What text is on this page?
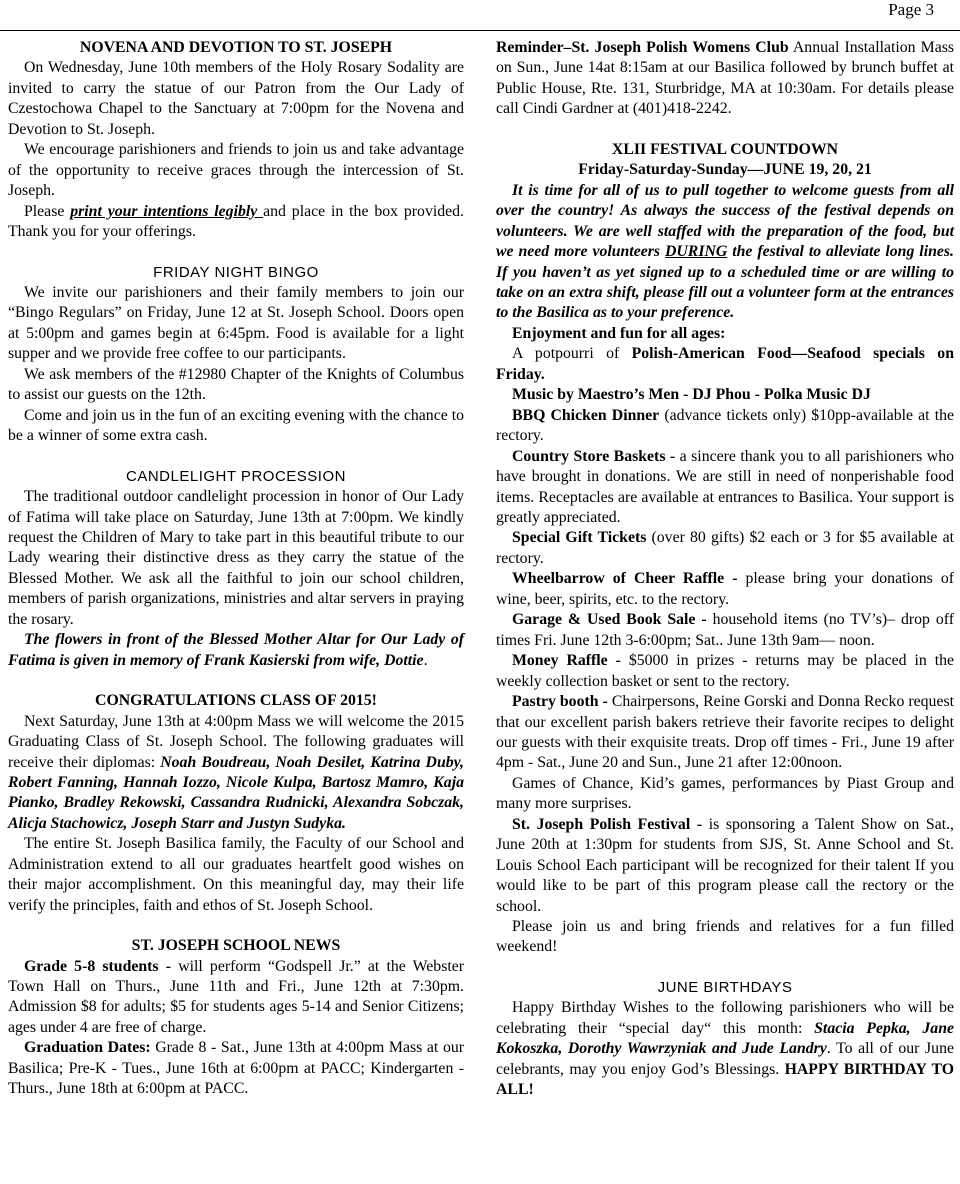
Page 3

NOVENA AND DEVOTION TO ST. JOSEPH

On Wednesday, June 10th members of the Holy Rosary Sodality are invited to carry the statue of our Patron from the Our Lady of Czestochowa Chapel to the Sanctuary at 7:00pm for the Novena and Devotion to St. Joseph.

We encourage parishioners and friends to join us and take advantage of the opportunity to receive graces through the intercession of St. Joseph.

Please print your intentions legibly and place in the box provided. Thank you for your offerings.

FRIDAY NIGHT BINGO

We invite our parishioners and their family members to join our “Bingo Regulars” on Friday, June 12 at St. Joseph School. Doors open at 5:00pm and games begin at 6:45pm. Food is available for a light supper and we provide free coffee to our participants.

We ask members of the #12980 Chapter of the Knights of Columbus to assist our guests on the 12th.

Come and join us in the fun of an exciting evening with the chance to be a winner of some extra cash.

CANDLELIGHT PROCESSION

The traditional outdoor candlelight procession in honor of Our Lady of Fatima will take place on Saturday, June 13th at 7:00pm. We kindly request the Children of Mary to take part in this beautiful tribute to our Lady wearing their distinctive dress as they carry the statue of the Blessed Mother. We ask all the faithful to join our school children, members of parish organizations, ministries and altar servers in praying the rosary.

The flowers in front of the Blessed Mother Altar for Our Lady of Fatima is given in memory of Frank Kasierski from wife, Dottie.

CONGRATULATIONS CLASS OF 2015!

Next Saturday, June 13th at 4:00pm Mass we will welcome the 2015 Graduating Class of St. Joseph School. The following graduates will receive their diplomas: Noah Boudreau, Noah Desilet, Katrina Duby, Robert Fanning, Hannah Iozzo, Nicole Kulpa, Bartosz Mamro, Kaja Pianko, Bradley Rekowski, Cassandra Rudnicki, Alexandra Sobczak, Alicja Stachowicz, Joseph Starr and Justyn Sudyka.

The entire St. Joseph Basilica family, the Faculty of our School and Administration extend to all our graduates heartfelt good wishes on their major accomplishment. On this meaningful day, may their life verify the principles, faith and ethos of St. Joseph School.

ST. JOSEPH SCHOOL NEWS

Grade 5-8 students - will perform “Godspell Jr.” at the Webster Town Hall on Thurs., June 11th and Fri., June 12th at 7:30pm. Admission $8 for adults; $5 for students ages 5-14 and Senior Citizens; ages under 4 are free of charge.

Graduation Dates: Grade 8 - Sat., June 13th at 4:00pm Mass at our Basilica; Pre-K - Tues., June 16th at 6:00pm at PACC; Kindergarten - Thurs., June 18th at 6:00pm at PACC.

Reminder–St. Joseph Polish Womens Club Annual Installation Mass on Sun., June 14at 8:15am at our Basilica followed by brunch buffet at Public House, Rte. 131, Sturbridge, MA at 10:30am. For details please call Cindi Gardner at (401)418-2242.

XLII FESTIVAL COUNTDOWN

Friday-Saturday-Sunday—JUNE 19, 20, 21

It is time for all of us to pull together to welcome guests from all over the country! As always the success of the festival depends on volunteers. We are well staffed with the preparation of the food, but we need more volunteers DURING the festival to alleviate long lines. If you haven’t as yet signed up to a scheduled time or are willing to take on an extra shift, please fill out a volunteer form at the entrances to the Basilica as to your preference.

Enjoyment and fun for all ages:

A potpourri of Polish-American Food—Seafood specials on Friday.

Music by Maestro’s Men - DJ Phou - Polka Music DJ

BBQ Chicken Dinner (advance tickets only) $10pp-available at the rectory.

Country Store Baskets - a sincere thank you to all parishioners who have brought in donations. We are still in need of nonperishable food items. Receptacles are available at entrances to Basilica. Your support is greatly appreciated.

Special Gift Tickets (over 80 gifts) $2 each or 3 for $5 available at rectory.

Wheelbarrow of Cheer Raffle - please bring your donations of wine, beer, spirits, etc. to the rectory.

Garage & Used Book Sale - household items (no TV’s)– drop off times Fri. June 12th 3-6:00pm; Sat.. June 13th 9am— noon.

Money Raffle - $5000 in prizes - returns may be placed in the weekly collection basket or sent to the rectory.

Pastry booth - Chairpersons, Reine Gorski and Donna Recko request that our excellent parish bakers retrieve their favorite recipes to delight our guests with their exquisite treats. Drop off times - Fri., June 19 after 4pm - Sat., June 20 and Sun., June 21 after 12:00noon.

Games of Chance, Kid’s games, performances by Piast Group and many more surprises.

St. Joseph Polish Festival - is sponsoring a Talent Show on Sat., June 20th at 1:30pm for students from SJS, St. Anne School and St. Louis School Each participant will be recognized for their talent If you would like to be part of this program please call the rectory or the school.

Please join us and bring friends and relatives for a fun filled weekend!

JUNE BIRTHDAYS

Happy Birthday Wishes to the following parishioners who will be celebrating their “special day“ this month: Stacia Pepka, Jane Kokoszka, Dorothy Wawrzyniak and Jude Landry. To all of our June celebrants, may you enjoy God’s Blessings. HAPPY BIRTHDAY TO ALL!
